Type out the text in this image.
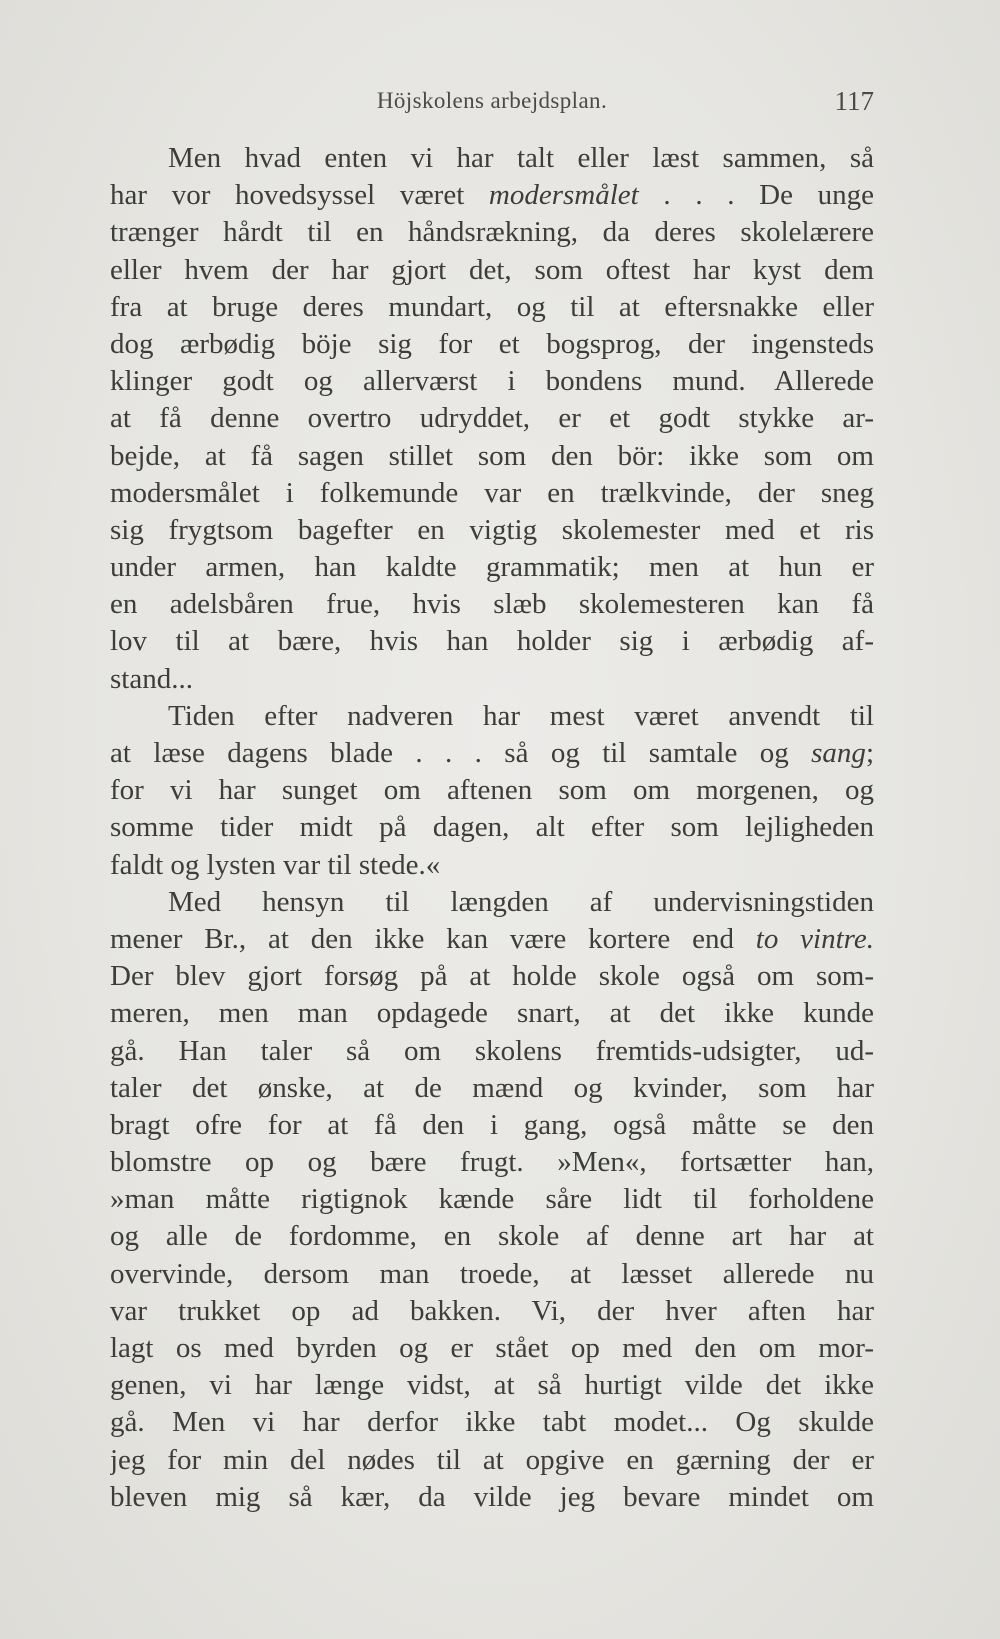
Höjskolens arbejdsplan.	117
Men hvad enten vi har talt eller læst sammen, så
har vor hovedsyssel været modersmålet . . . De unge
trænger hårdt til en håndsrækning, da deres skolelærere
eller hvem der har gjort det, som oftest har kyst dem
fra at bruge deres mundart, og til at eftersnakke eller
dog ærbødig böje sig for et bogsprog, der ingensteds
klinger godt og allerværst i bondens mund. Allerede
at få denne overtro udryddet, er et godt stykke ar-
bejde, at få sagen stillet som den bör: ikke som om
modersmålet i folkemunde var en trælkvinde, der sneg
sig frygtsom bagefter en vigtig skolemester med et ris
under armen, han kaldte grammatik; men at hun er
en adelsbåren frue, hvis slæb skolemesteren kan få
lov til at bære, hvis han holder sig i ærbødig af-
stand...
Tiden efter nadveren har mest været anvendt til
at læse dagens blade . . . så og til samtale og sang;
for vi har sunget om aftenen som om morgenen, og
somme tider midt på dagen, alt efter som lejligheden
faldt og lysten var til stede.«
Med hensyn til længden af undervisningstiden
mener Br., at den ikke kan være kortere end to vintre.
Der blev gjort forsøg på at holde skole også om som-
meren, men man opdagede snart, at det ikke kunde
gå. Han taler så om skolens fremtids-udsigter, ud-
taler det ønske, at de mænd og kvinder, som har
bragt ofre for at få den i gang, også måtte se den
blomstre op og bære frugt. »Men«, fortsætter han,
»man måtte rigtignok kænde såre lidt til forholdene
og alle de fordomme, en skole af denne art har at
overvinde, dersom man troede, at læsset allerede nu
var trukket op ad bakken. Vi, der hver aften har
lagt os med byrden og er stået op med den om mor-
genen, vi har længe vidst, at så hurtigt vilde det ikke
gå. Men vi har derfor ikke tabt modet... Og skulde
jeg for min del nødes til at opgive en gærning der er
bleven mig så kær, da vilde jeg bevare mindet om
